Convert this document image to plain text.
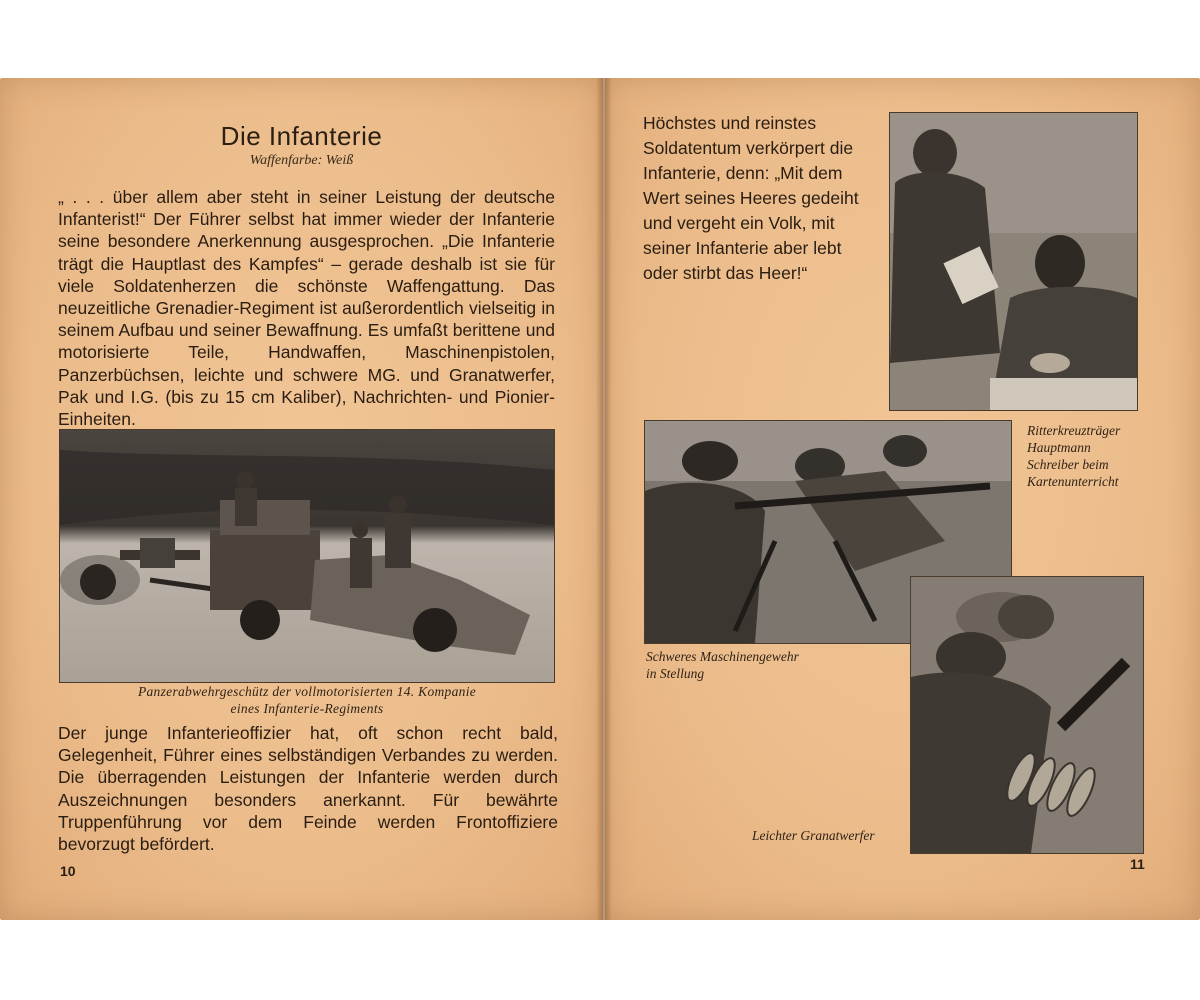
Die Infanterie
Waffenfarbe: Weiß

„ . . . über allem aber steht in seiner Leistung der deutsche Infanterist!“ Der Führer selbst hat immer wieder der Infanterie seine besondere Anerkennung ausgesprochen. „Die Infanterie trägt die Hauptlast des Kampfes“ – gerade deshalb ist sie für viele Soldatenherzen die schönste Waffengattung. Das neuzeitliche Grenadier-Regiment ist außerordentlich vielseitig in seinem Aufbau und seiner Bewaffnung. Es umfaßt berittene und motorisierte Teile, Handwaffen, Maschinenpistolen, Panzerbüchsen, leichte und schwere MG. und Granatwerfer, Pak und I.G. (bis zu 15 cm Kaliber), Nachrichten- und Pionier-Einheiten.

Panzerabwehrgeschütz der vollmotorisierten 14. Kompanie
eines Infanterie-Regiments

Der junge Infanterieoffizier hat, oft schon recht bald, Gelegenheit, Führer eines selbständigen Verbandes zu werden. Die überragenden Leistungen der Infanterie werden durch Auszeichnungen besonders anerkannt. Für bewährte Truppenführung vor dem Feinde werden Frontoffiziere bevorzugt befördert.

10

Höchstes und reinstes Soldatentum verkörpert die Infanterie, denn: „Mit dem Wert seines Heeres gedeiht und vergeht ein Volk, mit seiner Infanterie aber lebt oder stirbt das Heer!“

Ritterkreuzträger
Hauptmann
Schreiber beim
Kartenunterricht
Schweres Maschinengewehr
in Stellung
Leichter Granatwerfer
11
